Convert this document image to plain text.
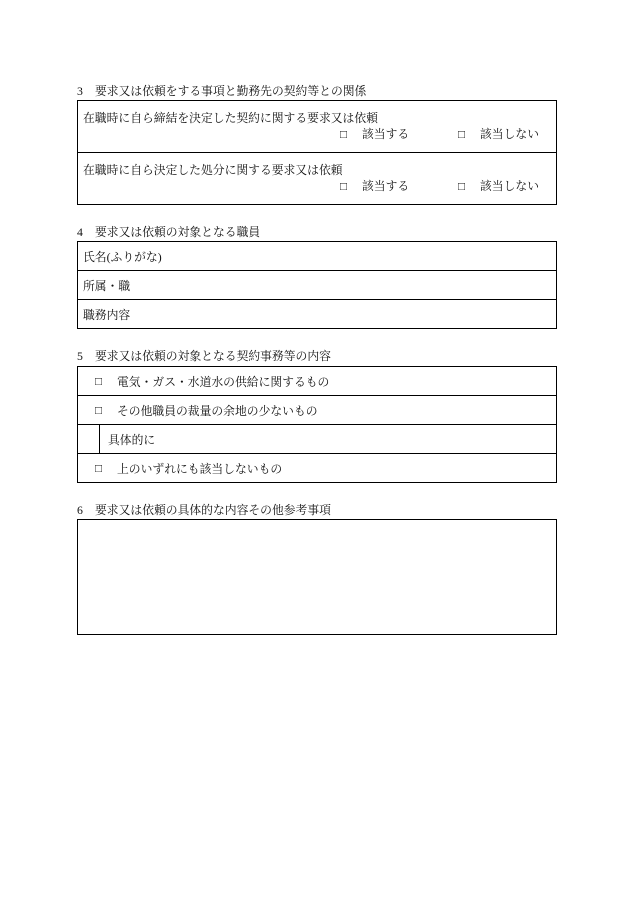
3 要求又は依頼をする事項と勤務先の契約等との関係
在職時に自ら締結を決定した契約に関する要求又は依頼
□ 該当する	□ 該当しない
在職時に自ら決定した処分に関する要求又は依頼
□ 該当する	□ 該当しない
4 要求又は依頼の対象となる職員
氏名(ふりがな)
所属・職
職務内容
5 要求又は依頼の対象となる契約事務等の内容
□ 電気・ガス・水道水の供給に関するもの
□ その他職員の裁量の余地の少ないもの
具体的に
□ 上のいずれにも該当しないもの
6 要求又は依頼の具体的な内容その他参考事項
